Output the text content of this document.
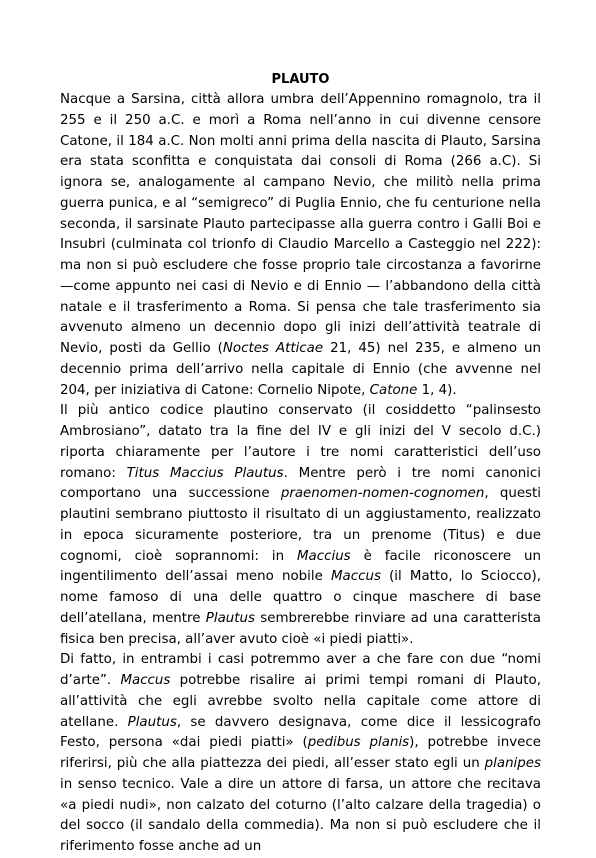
PLAUTO

Nacque a Sarsina, città allora umbra dell’Appennino romagnolo, tra il 255 e il 250 a.C. e morì a Roma nell’anno in cui divenne censore Catone, il 184 a.C. Non molti anni prima della nascita di Plauto, Sarsina era stata sconfitta e conquistata dai consoli di Roma (266 a.C). Si ignora se, analogamente al campano Nevio, che militò nella prima guerra punica, e al “semigreco” di Puglia Ennio, che fu centurione nella seconda, il sarsinate Plauto partecipasse alla guerra contro i Galli Boi e Insubri (culminata col trionfo di Claudio Marcello a Casteggio nel 222): ma non si può escludere che fosse proprio tale circostanza a favorirne —come appunto nei casi di Nevio e di Ennio — l’abbandono della città natale e il trasferimento a Roma. Si pensa che tale trasferimento sia avvenuto almeno un decennio dopo gli inizi dell’attività teatrale di Nevio, posti da Gellio (Noctes Atticae 21, 45) nel 235, e almeno un decennio prima dell’arrivo nella capitale di Ennio (che avvenne nel 204, per iniziativa di Catone: Cornelio Nipote, Catone 1, 4).

Il più antico codice plautino conservato (il cosiddetto “palinsesto Ambrosiano”, datato tra la fine del IV e gli inizi del V secolo d.C.) riporta chiaramente per l’autore i tre nomi caratteristici dell’uso romano: Titus Maccius Plautus. Mentre però i tre nomi canonici comportano una successione praenomen-nomen-cognomen, questi plautini sembrano piuttosto il risultato di un aggiustamento, realizzato in epoca sicuramente posteriore, tra un prenome (Titus) e due cognomi, cioè soprannomi: in Maccius è facile riconoscere un ingentilimento dell’assai meno nobile Maccus (il Matto, lo Sciocco), nome famoso di una delle quattro o cinque maschere di base dell’atellana, mentre Plautus sembrerebbe rinviare ad una caratterista fisica ben precisa, all’aver avuto cioè «i piedi piatti».

Di fatto, in entrambi i casi potremmo aver a che fare con due “nomi d’arte”. Maccus potrebbe risalire ai primi tempi romani di Plauto, all’attività che egli avrebbe svolto nella capitale come attore di atellane. Plautus, se davvero designava, come dice il lessicografo Festo, persona «dai piedi piatti» (pedibus planis), potrebbe invece riferirsi, più che alla piattezza dei piedi, all’esser stato egli un planipes in senso tecnico. Vale a dire un attore di farsa, un attore che recitava «a piedi nudi», non calzato del coturno (l’alto calzare della tragedia) o del socco (il sandalo della commedia). Ma non si può escludere che il riferimento fosse anche ad un
